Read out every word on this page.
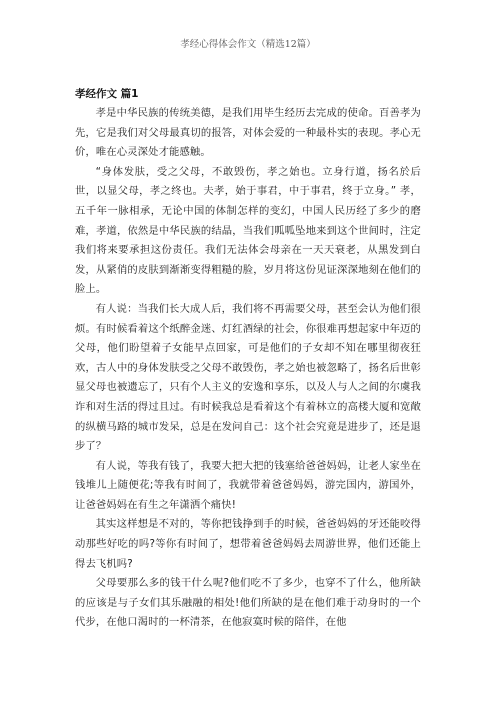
孝经心得体会作文（精选12篇）
孝经作文 篇1

孝是中华民族的传统美德，是我们用毕生经历去完成的使命。百善孝为先，它是我们对父母最真切的报答，对体会爱的一种最朴实的表现。孝心无价，唯在心灵深处才能感触。

“身体发肤，受之父母，不敢毁伤，孝之始也。立身行道，扬名於后世，以显父母，孝之终也。夫孝，始于事君，中于事君，终于立身。” 孝，五千年一脉相承，无论中国的体制怎样的变幻，中国人民历经了多少的磨难，孝道，依然是中华民族的结晶，当我们呱呱坠地来到这个世间时，注定我们将来要承担这份责任。我们无法体会母亲在一天天衰老，从黑发到白发，从紧俏的皮肤到渐渐变得粗糙的脸，岁月将这份见证深深地刻在他们的脸上。

有人说：当我们长大成人后，我们将不再需要父母，甚至会认为他们很烦。有时候看着这个纸醉金迷、灯红酒绿的社会，你很难再想起家中年迈的父母，他们盼望着子女能早点回家，可是他们的子女却不知在哪里彻夜狂欢，古人中的身体发肤受之父母不敢毁伤，孝之始也被忽略了，扬名后世彰显父母也被遗忘了，只有个人主义的安逸和享乐，以及人与人之间的尔虞我诈和对生活的得过且过。有时候我总是看着这个有着林立的高楼大厦和宽敞的纵横马路的城市发呆，总是在发问自己：这个社会究竟是进步了，还是退步了？

有人说，等我有钱了，我要大把大把的钱塞给爸爸妈妈，让老人家坐在钱堆儿上随便花;等我有时间了，我就带着爸爸妈妈，游完国内，游国外，让爸爸妈妈在有生之年潇洒个痛快!

其实这样想是不对的，等你把钱挣到手的时候，爸爸妈妈的牙还能咬得动那些好吃的吗?等你有时间了，想带着爸爸妈妈去周游世界，他们还能上得去飞机吗?

父母要那么多的钱干什么呢?他们吃不了多少，也穿不了什么，他所缺的应该是与子女们其乐融融的相处!他们所缺的是在他们难于动身时的一个代步，在他口渴时的一杯清茶，在他寂寞时候的陪伴，在他
